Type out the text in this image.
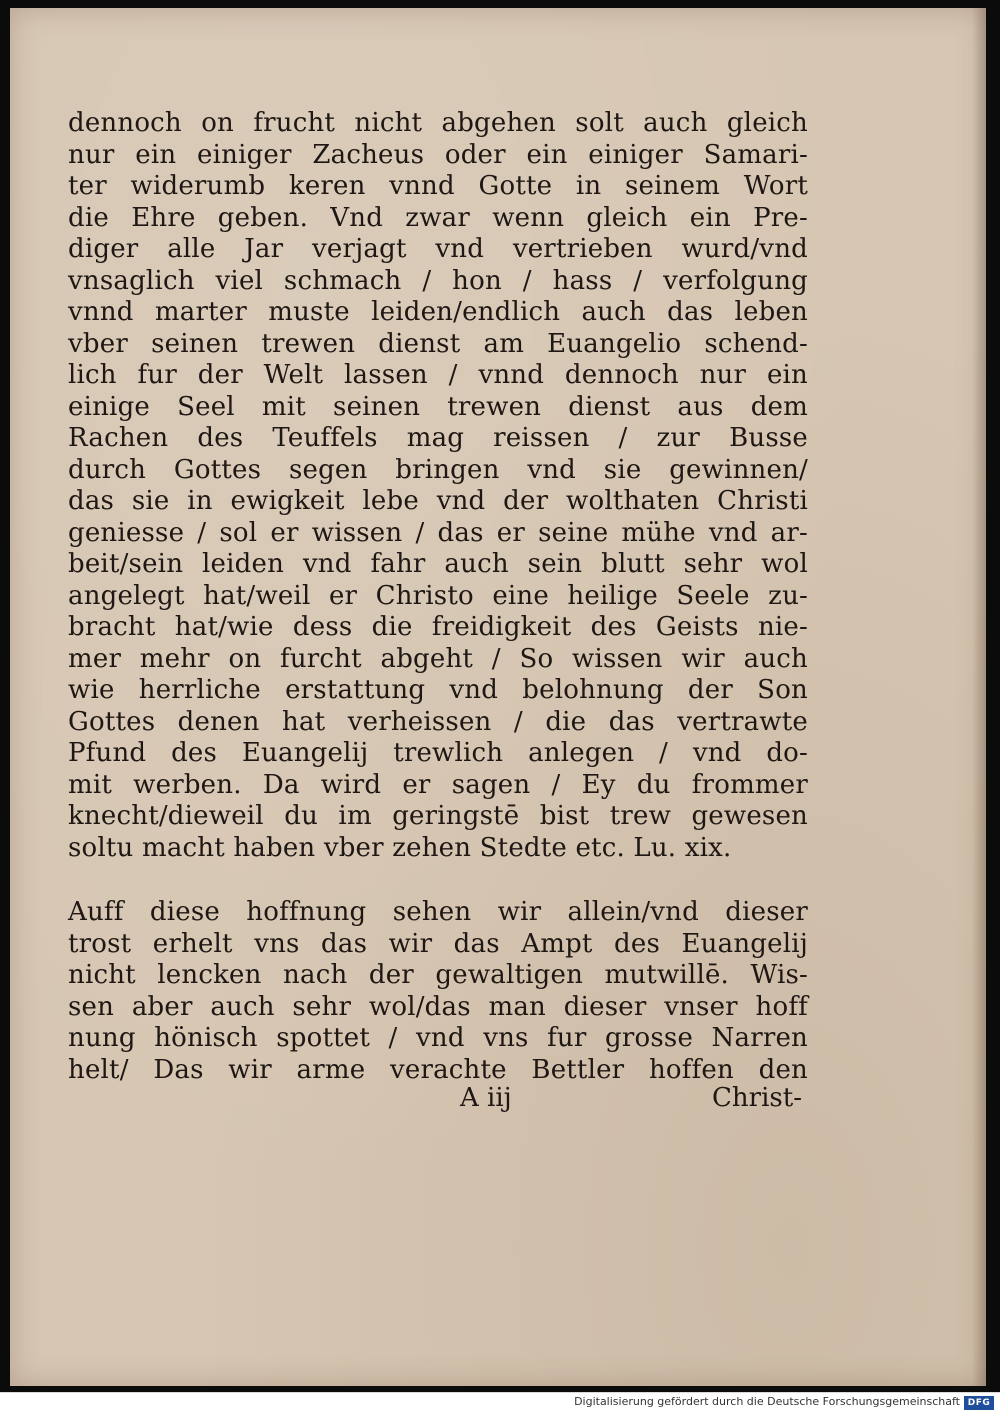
dennoch on frucht nicht abgehen solt auch gleich
nur ein einiger Zacheus oder ein einiger Samari-
ter widerumb keren vnnd Gotte in seinem Wort
die Ehre geben. Vnd zwar wenn gleich ein Pre-
diger alle Jar verjagt vnd vertrieben wurd/vnd
vnsaglich viel schmach / hon / hass / verfolgung
vnnd marter muste leiden/endlich auch das leben
vber seinen trewen dienst am Euangelio schend-
lich fur der Welt lassen / vnnd dennoch nur ein
einige Seel mit seinen trewen dienst aus dem
Rachen des Teuffels mag reissen / zur Busse
durch Gottes segen bringen vnd sie gewinnen/
das sie in ewigkeit lebe vnd der wolthaten Christi
geniesse / sol er wissen / das er seine mühe vnd ar-
beit/sein leiden vnd fahr auch sein blutt sehr wol
angelegt hat/weil er Christo eine heilige Seele zu-
bracht hat/wie dess die freidigkeit des Geists nie-
mer mehr on furcht abgeht / So wissen wir auch
wie herrliche erstattung vnd belohnung der Son
Gottes denen hat verheissen / die das vertrawte
Pfund des Euangelij trewlich anlegen / vnd do-
mit werben. Da wird er sagen / Ey du frommer
knecht/dieweil du im geringstē bist trew gewesen
soltu macht haben vber zehen Stedte etc. Lu. xix.
Auff diese hoffnung sehen wir allein/vnd dieser
trost erhelt vns das wir das Ampt des Euangelij
nicht lencken nach der gewaltigen mutwillē. Wis-
sen aber auch sehr wol/das man dieser vnser hoff
nung hönisch spottet / vnd vns fur grosse Narren
helt/ Das wir arme verachte Bettler hoffen den
A iij	Christ-
Digitalisierung gefördert durch die Deutsche Forschungsgemeinschaft DFG
